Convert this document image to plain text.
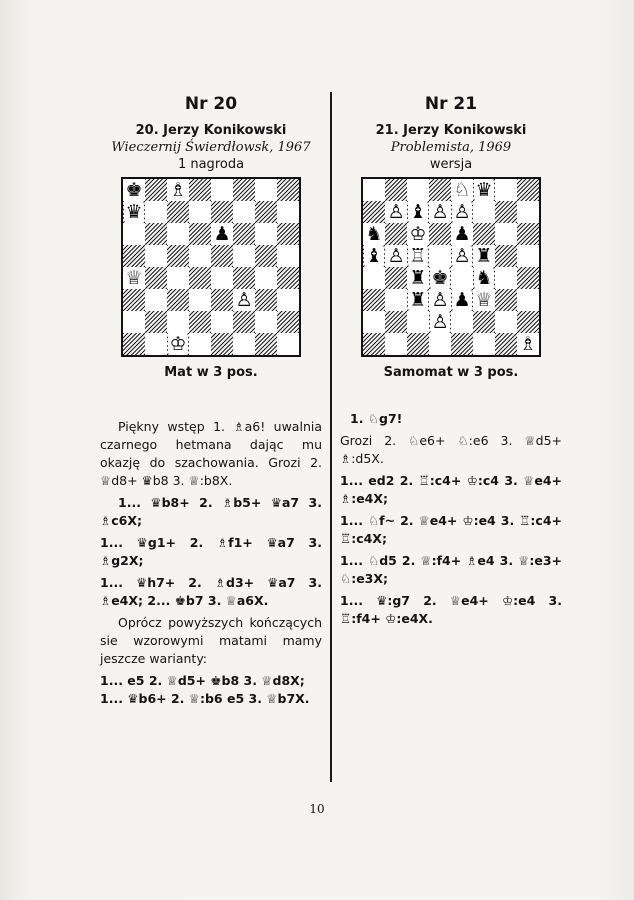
Nr 20
20. Jerzy Konikowski
Wieczernij Świerdłowsk, 1967
1 nagroda
♚ ♗
♛
♟
♕
♙
♔
Mat w 3 pos.

Piękny wstęp 1. ♗a6! uwalnia czarnego hetmana dając mu okazję do szachowania. Grozi 2. ♕d8+ ♛b8 3. ♕:b8X.

1... ♛b8+ 2. ♗b5+ ♛a7 3. ♗c6X;

1... ♛g1+ 2. ♗f1+ ♛a7 3. ♗g2X;

1... ♛h7+ 2. ♗d3+ ♛a7 3. ♗e4X; 2... ♚b7 3. ♕a6X.

Oprócz powyższych kończących sie wzorowymi matami mamy jeszcze warianty:

1... e5 2. ♕d5+ ♚b8 3. ♕d8X;

1... ♛b6+ 2. ♕:b6 e5 3. ♕b7X.

Nr 21
21. Jerzy Konikowski
Problemista, 1969
wersja
♘ ♛
♙ ♝ ♙ ♙
♞ ♔ ♟
♝ ♙ ♖ ♙ ♜
♜ ♚ ♞
♜ ♙ ♟ ♕
♙
♗
Samomat w 3 pos.

1. ♘g7!

Grozi 2. ♘e6+ ♘:e6 3. ♕d5+ ♗:d5X.

1... ed2 2. ♖:c4+ ♔:c4 3. ♕e4+ ♗:e4X;

1... ♘f~ 2. ♕e4+ ♔:e4 3. ♖:c4+ ♖:c4X;

1... ♘d5 2. ♕:f4+ ♗e4 3. ♕:e3+ ♘:e3X;

1... ♛:g7 2. ♕e4+ ♔:e4 3. ♖:f4+ ♔:e4X.

10
